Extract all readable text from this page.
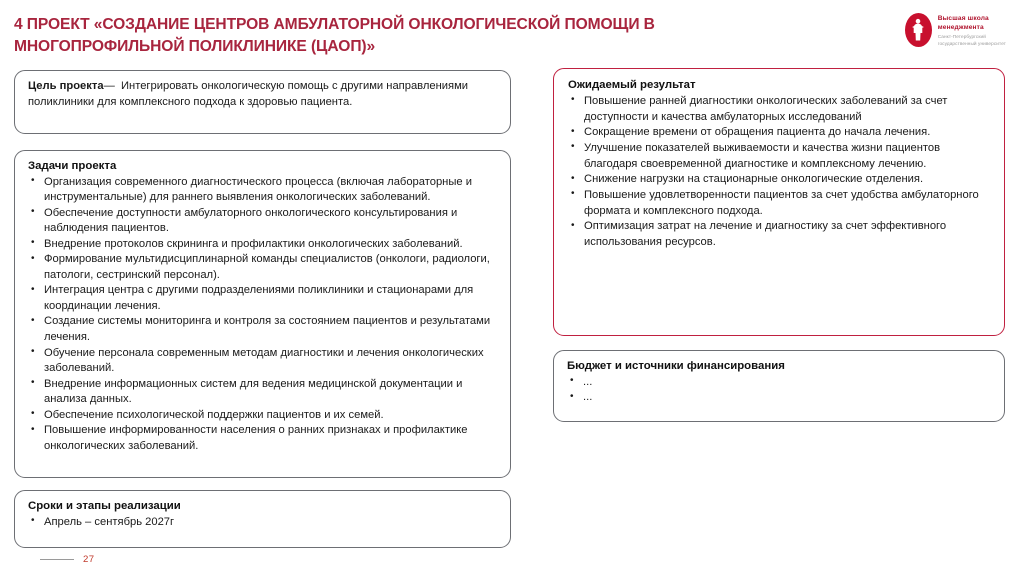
4 ПРОЕКТ «СОЗДАНИЕ ЦЕНТРОВ АМБУЛАТОРНОЙ ОНКОЛОГИЧЕСКОЙ ПОМОЩИ В МНОГОПРОФИЛЬНОЙ ПОЛИКЛИНИКЕ (ЦАОП)»
Высшая школа
менеджмента
Санкт-Петербургский
государственный университет
Цель проекта— Интегрировать онкологическую помощь с другими направлениями поликлиники для комплексного подхода к здоровью пациента.
Задачи проекта
• Организация современного диагностического процесса (включая лабораторные и инструментальные) для раннего выявления онкологических заболеваний.
• Обеспечение доступности амбулаторного онкологического консультирования и наблюдения пациентов.
• Внедрение протоколов скрининга и профилактики онкологических заболеваний.
• Формирование мультидисциплинарной команды специалистов (онкологи, радиологи, патологи, сестринский персонал).
• Интеграция центра с другими подразделениями поликлиники и стационарами для координации лечения.
• Создание системы мониторинга и контроля за состоянием пациентов и результатами лечения.
• Обучение персонала современным методам диагностики и лечения онкологических заболеваний.
• Внедрение информационных систем для ведения медицинской документации и анализа данных.
• Обеспечение психологической поддержки пациентов и их семей.
• Повышение информированности населения о ранних признаках и профилактике онкологических заболеваний.
Сроки и этапы реализации
• Апрель – сентябрь 2027г
Ожидаемый результат
• Повышение ранней диагностики онкологических заболеваний за счет доступности и качества амбулаторных исследований
• Сокращение времени от обращения пациента до начала лечения.
• Улучшение показателей выживаемости и качества жизни пациентов благодаря своевременной диагностике и комплексному лечению.
• Снижение нагрузки на стационарные онкологические отделения.
• Повышение удовлетворенности пациентов за счет удобства амбулаторного формата и комплексного подхода.
• Оптимизация затрат на лечение и диагностику за счет эффективного использования ресурсов.
Бюджет и источники финансирования
• ...
• ...
27
